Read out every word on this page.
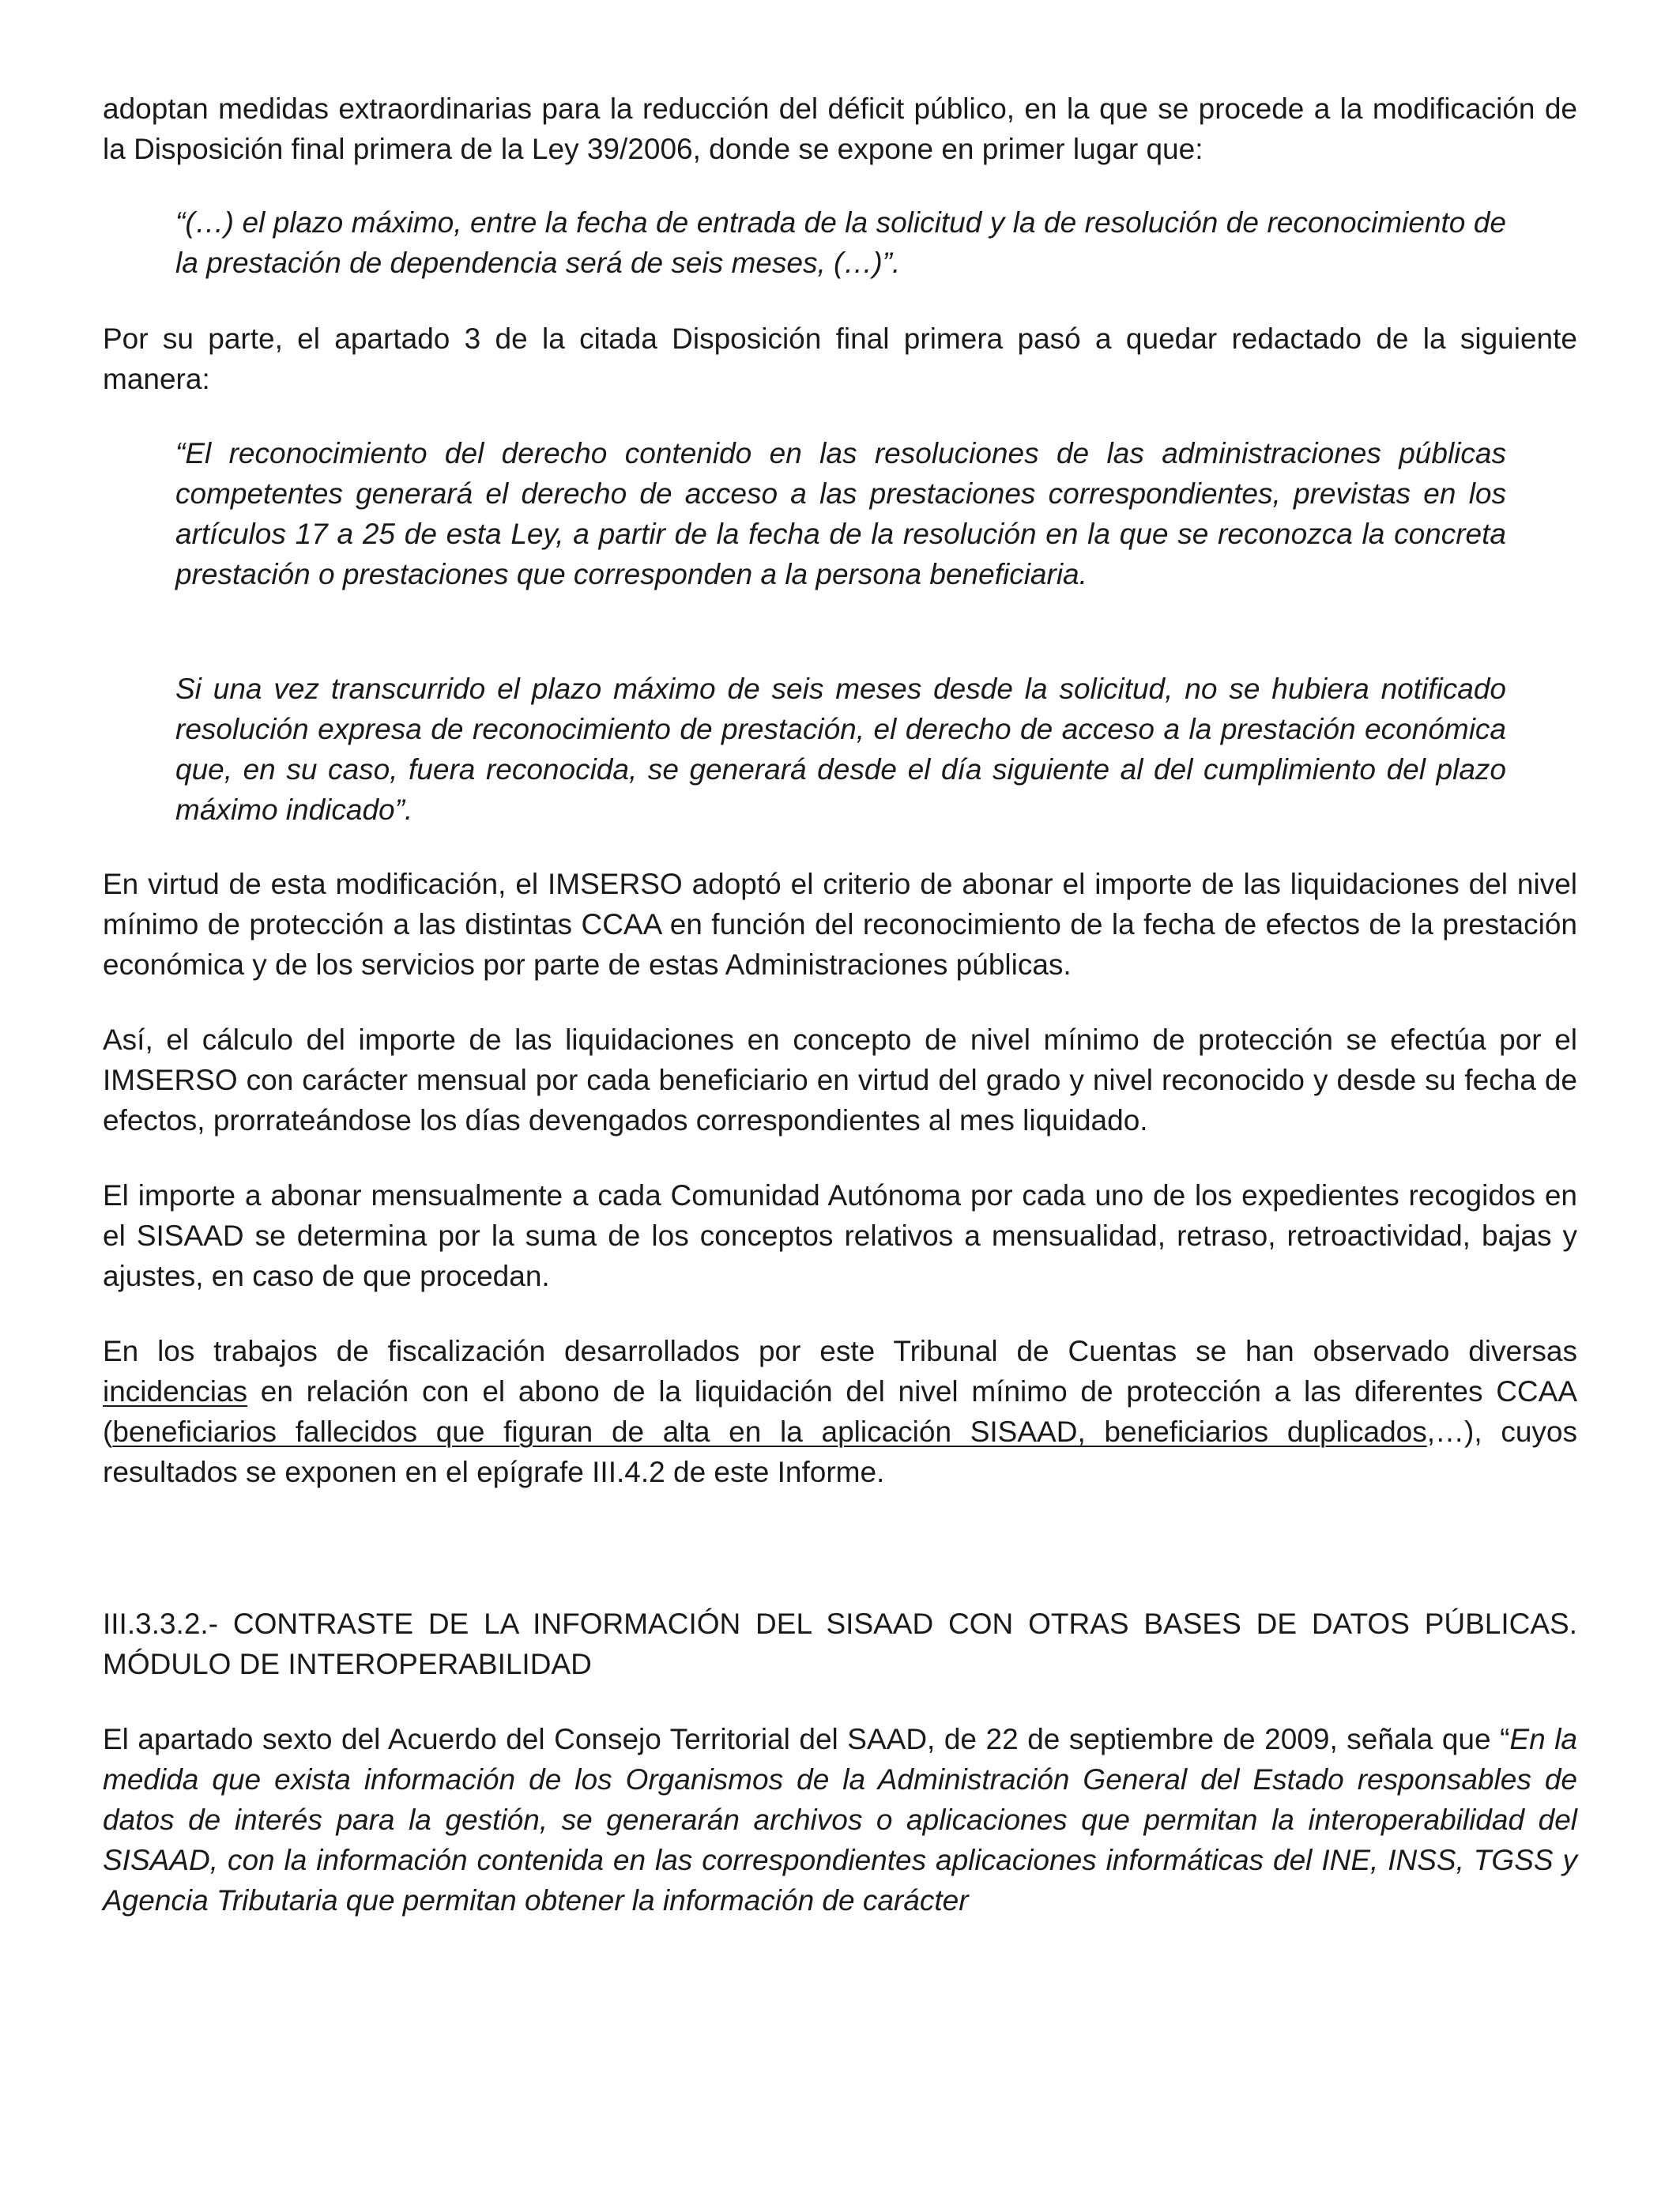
adoptan medidas extraordinarias para la reducción del déficit público, en la que se procede a la modificación de la Disposición final primera de la Ley 39/2006, donde se expone en primer lugar que:

“(…) el plazo máximo, entre la fecha de entrada de la solicitud y la de resolución de reconocimiento de la prestación de dependencia será de seis meses, (…)”.

Por su parte, el apartado 3 de la citada Disposición final primera pasó a quedar redactado de la siguiente manera:

“El reconocimiento del derecho contenido en las resoluciones de las administraciones públicas competentes generará el derecho de acceso a las prestaciones correspondientes, previstas en los artículos 17 a 25 de esta Ley, a partir de la fecha de la resolución en la que se reconozca la concreta prestación o prestaciones que corresponden a la persona beneficiaria.

Si una vez transcurrido el plazo máximo de seis meses desde la solicitud, no se hubiera notificado resolución expresa de reconocimiento de prestación, el derecho de acceso a la prestación económica que, en su caso, fuera reconocida, se generará desde el día siguiente al del cumplimiento del plazo máximo indicado”.

En virtud de esta modificación, el IMSERSO adoptó el criterio de abonar el importe de las liquidaciones del nivel mínimo de protección a las distintas CCAA en función del reconocimiento de la fecha de efectos de la prestación económica y de los servicios por parte de estas Administraciones públicas.

Así, el cálculo del importe de las liquidaciones en concepto de nivel mínimo de protección se efectúa por el IMSERSO con carácter mensual por cada beneficiario en virtud del grado y nivel reconocido y desde su fecha de efectos, prorrateándose los días devengados correspondientes al mes liquidado.

El importe a abonar mensualmente a cada Comunidad Autónoma por cada uno de los expedientes recogidos en el SISAAD se determina por la suma de los conceptos relativos a mensualidad, retraso, retroactividad, bajas y ajustes, en caso de que procedan.

En los trabajos de fiscalización desarrollados por este Tribunal de Cuentas se han observado diversas incidencias en relación con el abono de la liquidación del nivel mínimo de protección a las diferentes CCAA (beneficiarios fallecidos que figuran de alta en la aplicación SISAAD, beneficiarios duplicados,…), cuyos resultados se exponen en el epígrafe III.4.2 de este Informe.

III.3.3.2.- CONTRASTE DE LA INFORMACIÓN DEL SISAAD CON OTRAS BASES DE DATOS PÚBLICAS. MÓDULO DE INTEROPERABILIDAD

El apartado sexto del Acuerdo del Consejo Territorial del SAAD, de 22 de septiembre de 2009, señala que “En la medida que exista información de los Organismos de la Administración General del Estado responsables de datos de interés para la gestión, se generarán archivos o aplicaciones que permitan la interoperabilidad del SISAAD, con la información contenida en las correspondientes aplicaciones informáticas del INE, INSS, TGSS y Agencia Tributaria que permitan obtener la información de carácter
